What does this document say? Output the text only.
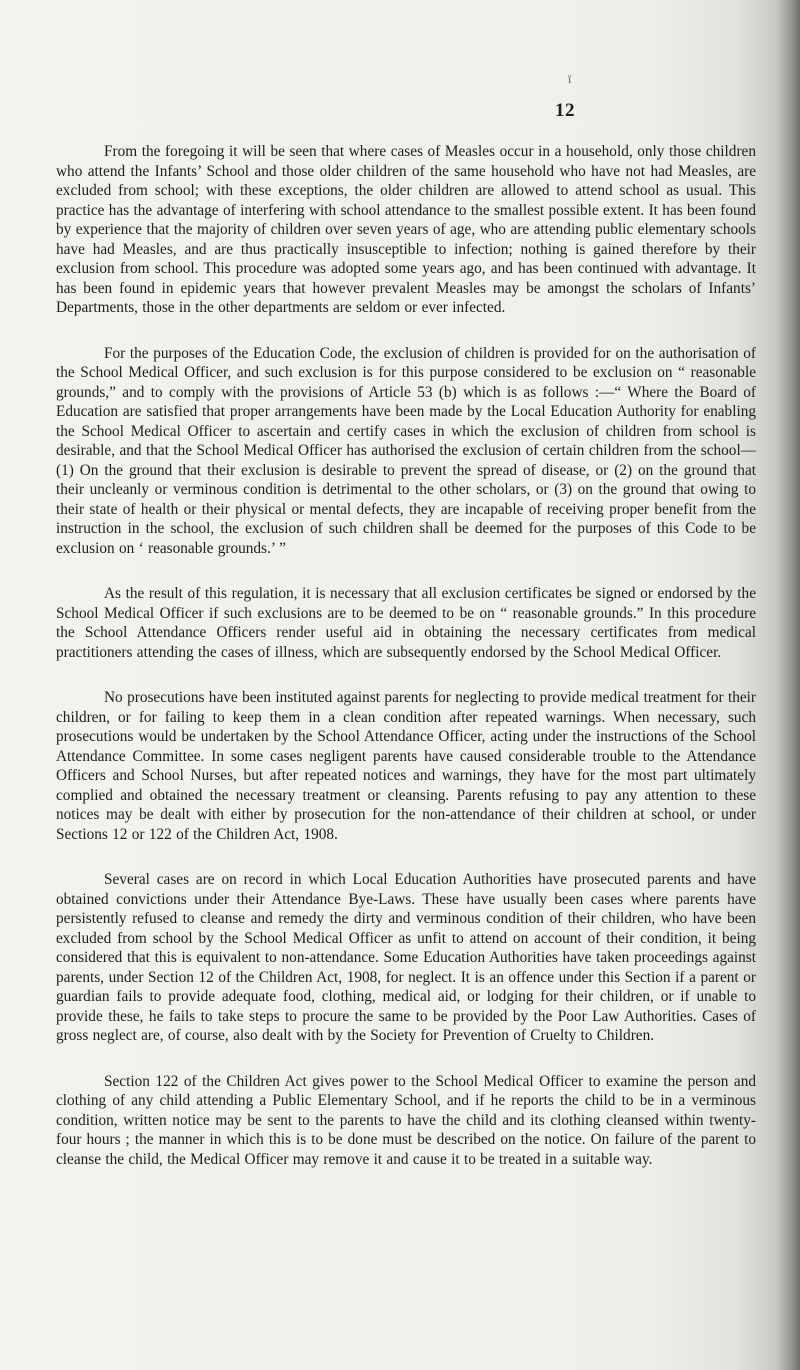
ï
12

From the foregoing it will be seen that where cases of Measles occur in a household, only those children who attend the Infants’ School and those older children of the same household who have not had Measles, are excluded from school; with these exceptions, the older children are allowed to attend school as usual. This practice has the advantage of interfering with school attendance to the smallest possible extent. It has been found by experience that the majority of children over seven years of age, who are attending public elementary schools have had Measles, and are thus practically insusceptible to infection; nothing is gained therefore by their exclusion from school. This procedure was adopted some years ago, and has been continued with advantage. It has been found in epidemic years that however prevalent Measles may be amongst the scholars of Infants’ Departments, those in the other departments are seldom or ever infected.

For the purposes of the Education Code, the exclusion of children is provided for on the authorisation of the School Medical Officer, and such exclusion is for this purpose considered to be exclusion on “ reasonable grounds,” and to comply with the provisions of Article 53 (b) which is as follows :—“ Where the Board of Education are satisfied that proper arrangements have been made by the Local Education Authority for enabling the School Medical Officer to ascertain and certify cases in which the exclusion of children from school is desirable, and that the School Medical Officer has authorised the exclusion of certain children from the school—(1) On the ground that their exclusion is desirable to prevent the spread of disease, or (2) on the ground that their uncleanly or verminous condition is detrimental to the other scholars, or (3) on the ground that owing to their state of health or their physical or mental defects, they are incapable of receiving proper benefit from the instruction in the school, the exclusion of such children shall be deemed for the purposes of this Code to be exclusion on ‘ reasonable grounds.’ ”

As the result of this regulation, it is necessary that all exclusion certificates be signed or endorsed by the School Medical Officer if such exclusions are to be deemed to be on “ reasonable grounds.” In this procedure the School Attendance Officers render useful aid in obtaining the necessary certificates from medical practitioners attending the cases of illness, which are subsequently endorsed by the School Medical Officer.

No prosecutions have been instituted against parents for neglecting to provide medical treatment for their children, or for failing to keep them in a clean condition after repeated warnings. When necessary, such prosecutions would be undertaken by the School Attendance Officer, acting under the instructions of the School Attendance Committee. In some cases negligent parents have caused considerable trouble to the Attendance Officers and School Nurses, but after repeated notices and warnings, they have for the most part ultimately complied and obtained the necessary treatment or cleansing. Parents refusing to pay any attention to these notices may be dealt with either by prosecution for the non-attendance of their children at school, or under Sections 12 or 122 of the Children Act, 1908.

Several cases are on record in which Local Education Authorities have prosecuted parents and have obtained convictions under their Attendance Bye-Laws. These have usually been cases where parents have persistently refused to cleanse and remedy the dirty and verminous condition of their children, who have been excluded from school by the School Medical Officer as unfit to attend on account of their condition, it being considered that this is equivalent to non-attendance. Some Education Authorities have taken proceedings against parents, under Section 12 of the Children Act, 1908, for neglect. It is an offence under this Section if a parent or guardian fails to provide adequate food, clothing, medical aid, or lodging for their children, or if unable to provide these, he fails to take steps to procure the same to be provided by the Poor Law Authorities. Cases of gross neglect are, of course, also dealt with by the Society for Prevention of Cruelty to Children.

Section 122 of the Children Act gives power to the School Medical Officer to examine the person and clothing of any child attending a Public Elementary School, and if he reports the child to be in a verminous condition, written notice may be sent to the parents to have the child and its clothing cleansed within twenty-four hours ; the manner in which this is to be done must be described on the notice. On failure of the parent to cleanse the child, the Medical Officer may remove it and cause it to be treated in a suitable way.
